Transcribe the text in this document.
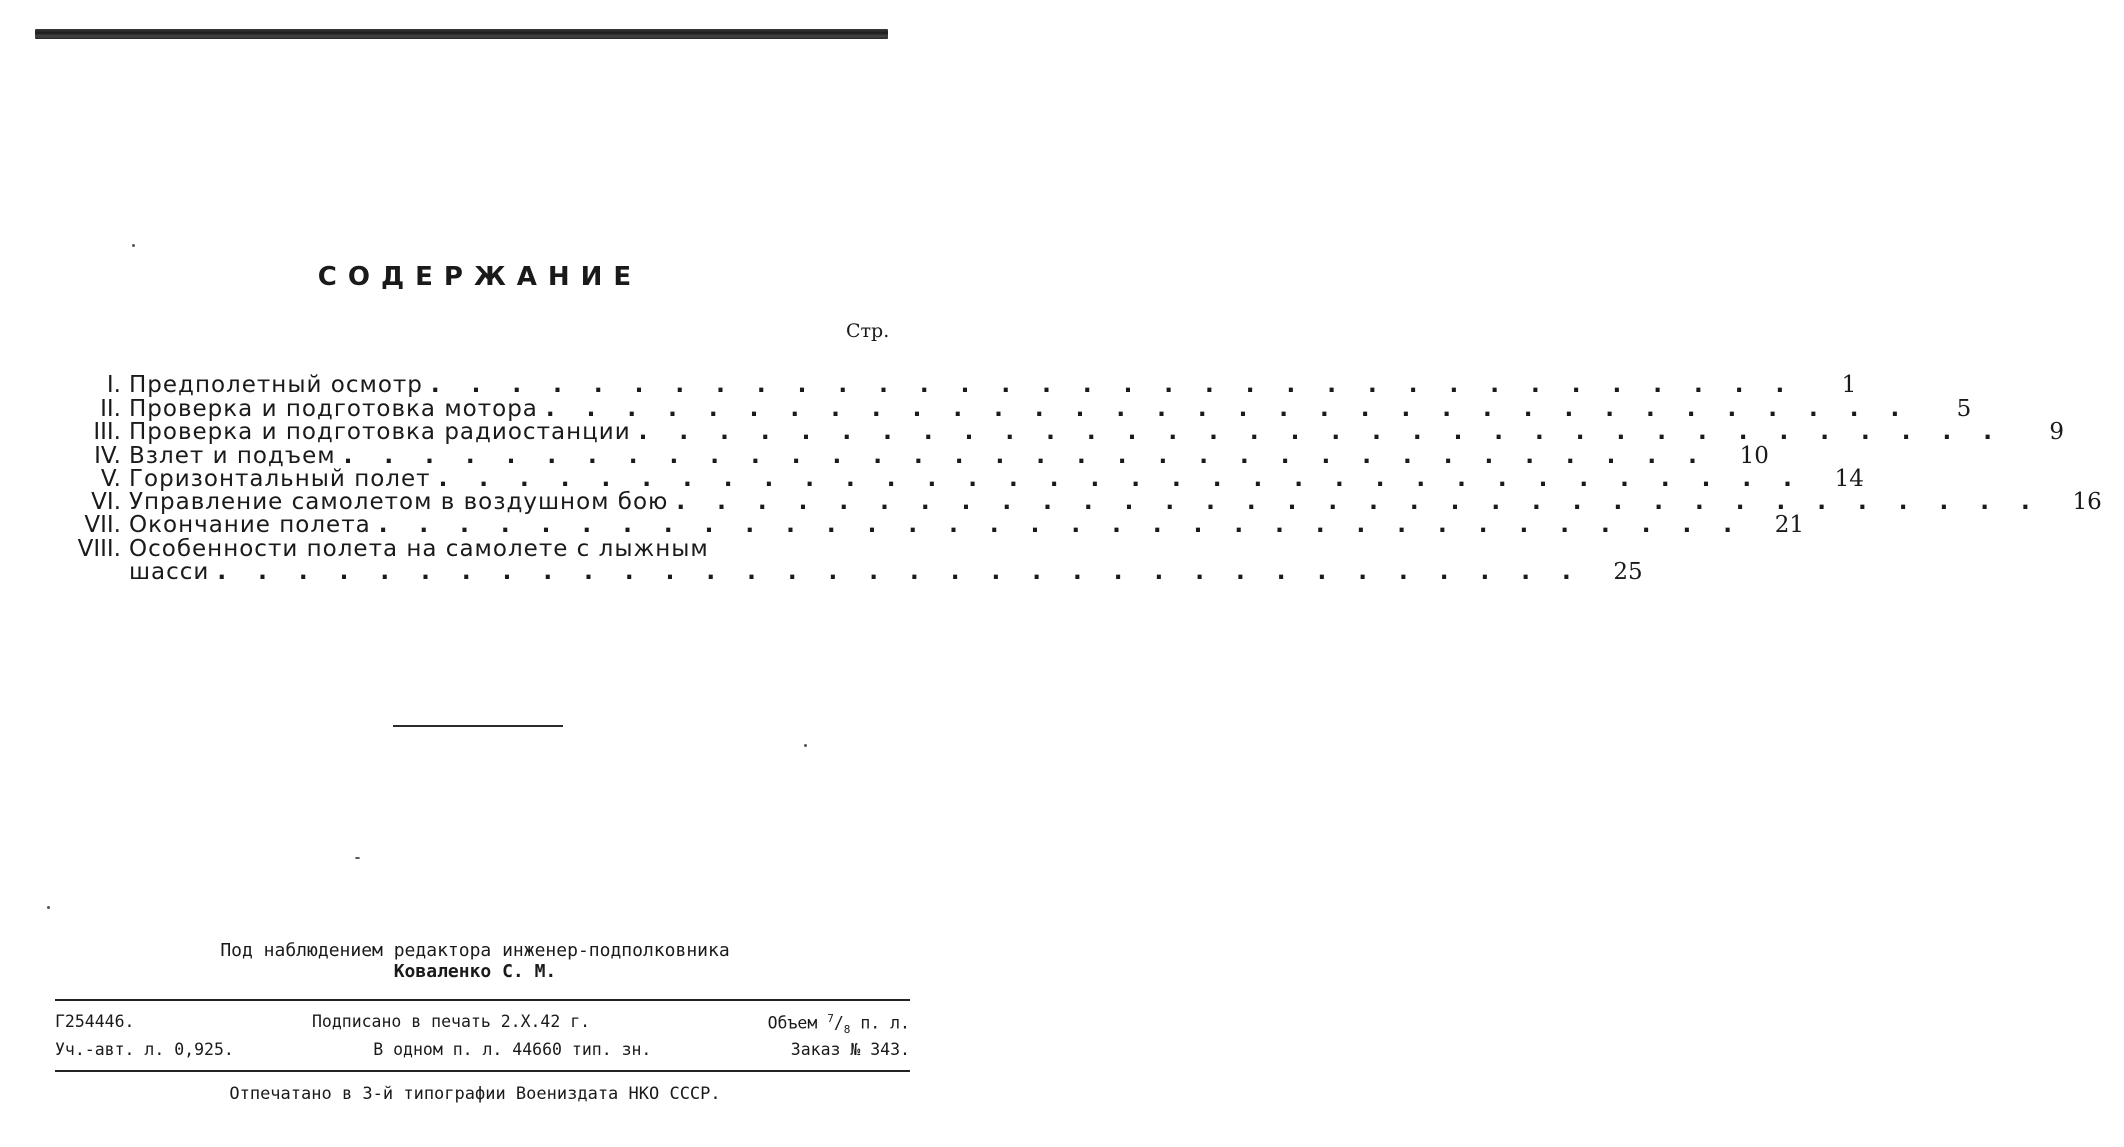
СОДЕРЖАНИЕ
Стр.
I. Предполетный осмотр . . . . . . . . . . . . . . . . . . . . . . . . . . . . . . . . . .	1
II. Проверка и подготовка мотора . . . . . . . . . . . . . . . . . . . . . . . . . . . . . . . . . .	5
III. Проверка и подготовка радиостанции . . . . . . . . . . . . . . . . . . . . . . . . . . . . . . . . . .	9
IV. Взлет и подъем . . . . . . . . . . . . . . . . . . . . . . . . . . . . . . . . . .	10
V. Горизонтальный полет . . . . . . . . . . . . . . . . . . . . . . . . . . . . . . . . . .	14
VI. Управление самолетом в воздушном бою . . . . . . . . . . . . . . . . . . . . . . . . . . . . . . . . . .	16
VII. Окончание полета . . . . . . . . . . . . . . . . . . . . . . . . . . . . . . . . . .	21
VIII. Особенности полета на самолете с лыжным
шасси . . . . . . . . . . . . . . . . . . . . . . . . . . . . . . . . . .	25
Под наблюдением редактора инженер-подполковника
Коваленко С. М.
Г254446.	Подписано в печать 2.X.42 г.	Объем $^7/_8$ п. л.
Уч.-авт. л. 0,925.	В одном п. л. 44660 тип. зн.	Заказ № 343.
Отпечатано в 3-й типографии Воениздата НКО СССР.
